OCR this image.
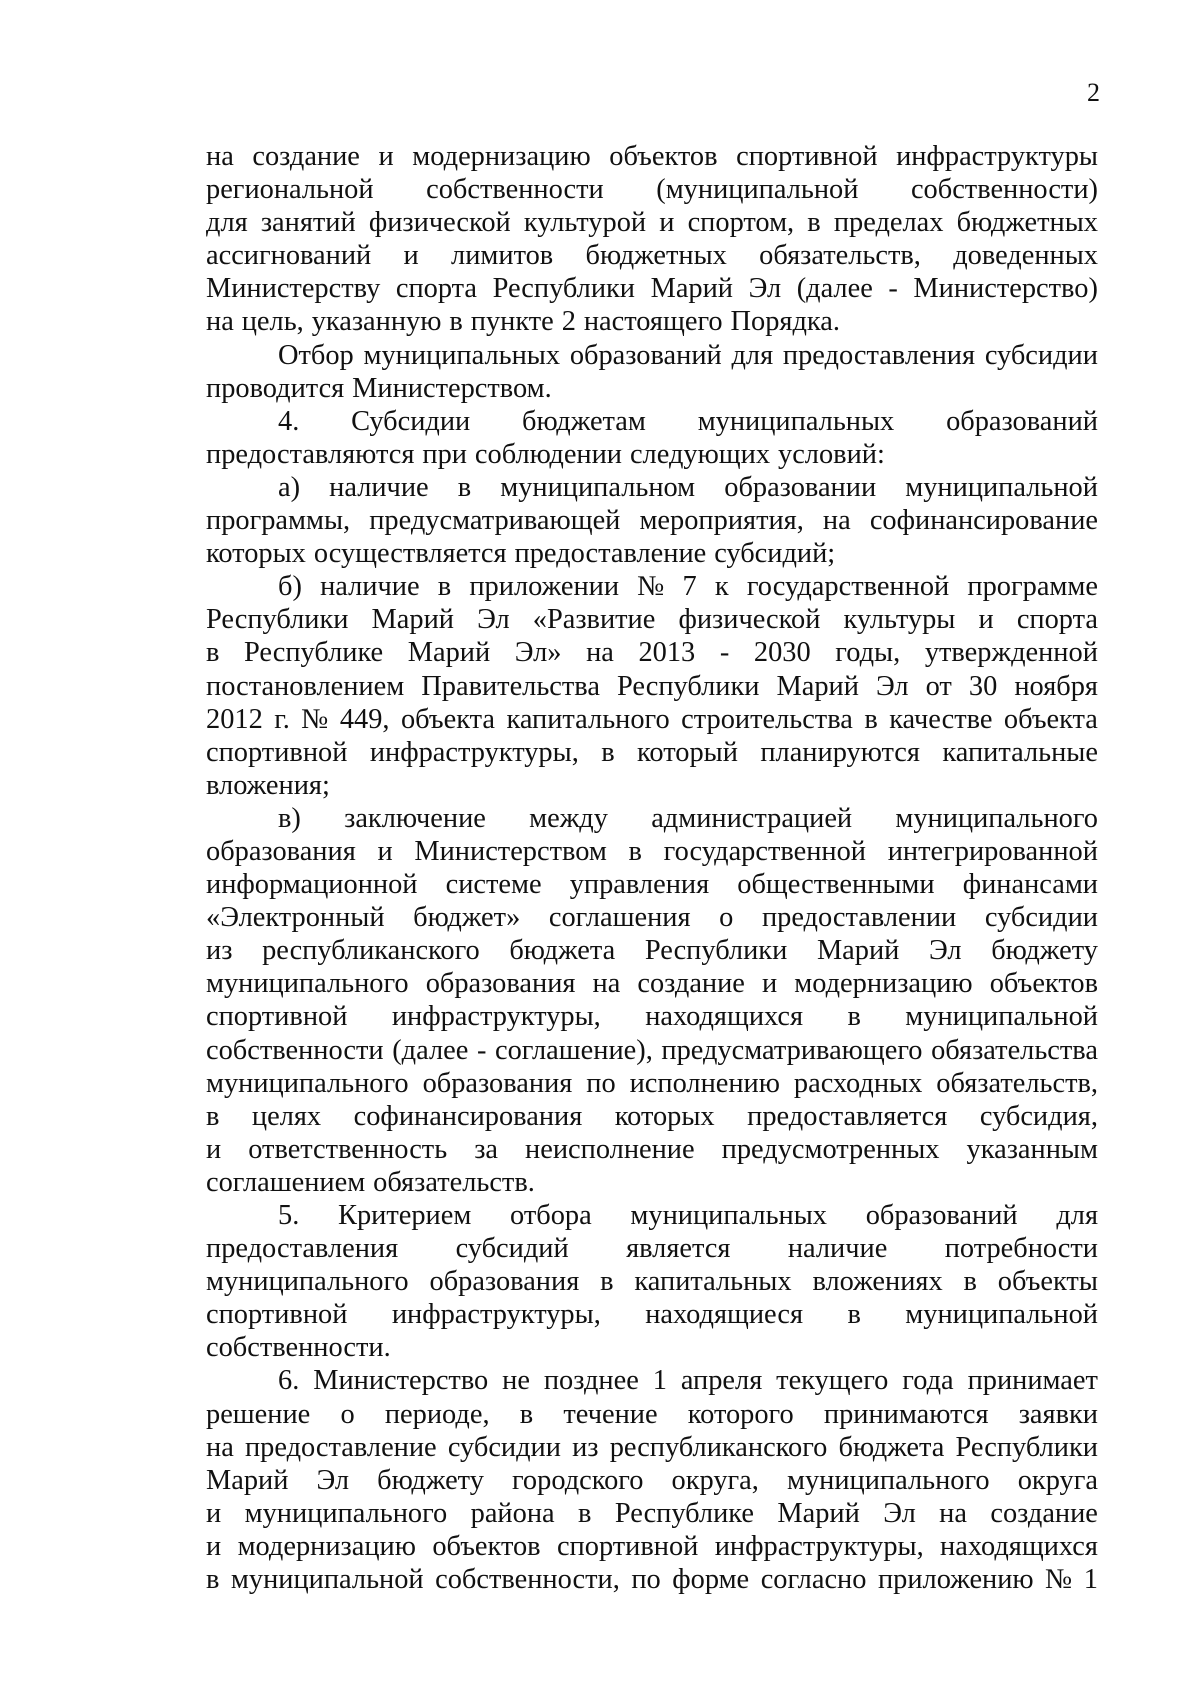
2
на создание и модернизацию объектов спортивной инфраструктуры
региональной собственности (муниципальной собственности)
для занятий физической культурой и спортом, в пределах бюджетных
ассигнований и лимитов бюджетных обязательств, доведенных
Министерству спорта Республики Марий Эл (далее - Министерство)
на цель, указанную в пункте 2 настоящего Порядка.
Отбор муниципальных образований для предоставления субсидии
проводится Министерством.
4. Субсидии бюджетам муниципальных образований
предоставляются при соблюдении следующих условий:
а) наличие в муниципальном образовании муниципальной
программы, предусматривающей мероприятия, на софинансирование
которых осуществляется предоставление субсидий;
б) наличие в приложении № 7 к государственной программе
Республики Марий Эл «Развитие физической культуры и спорта
в Республике Марий Эл» на 2013 - 2030 годы, утвержденной
постановлением Правительства Республики Марий Эл от 30 ноября
2012 г. № 449, объекта капитального строительства в качестве объекта
спортивной инфраструктуры, в который планируются капитальные
вложения;
в) заключение между администрацией муниципального
образования и Министерством в государственной интегрированной
информационной системе управления общественными финансами
«Электронный бюджет» соглашения о предоставлении субсидии
из республиканского бюджета Республики Марий Эл бюджету
муниципального образования на создание и модернизацию объектов
спортивной инфраструктуры, находящихся в муниципальной
собственности (далее - соглашение), предусматривающего обязательства
муниципального образования по исполнению расходных обязательств,
в целях софинансирования которых предоставляется субсидия,
и ответственность за неисполнение предусмотренных указанным
соглашением обязательств.
5. Критерием отбора муниципальных образований для
предоставления субсидий является наличие потребности
муниципального образования в капитальных вложениях в объекты
спортивной инфраструктуры, находящиеся в муниципальной
собственности.
6. Министерство не позднее 1 апреля текущего года принимает
решение о периоде, в течение которого принимаются заявки
на предоставление субсидии из республиканского бюджета Республики
Марий Эл бюджету городского округа, муниципального округа
и муниципального района в Республике Марий Эл на создание
и модернизацию объектов спортивной инфраструктуры, находящихся
в муниципальной собственности, по форме согласно приложению № 1
